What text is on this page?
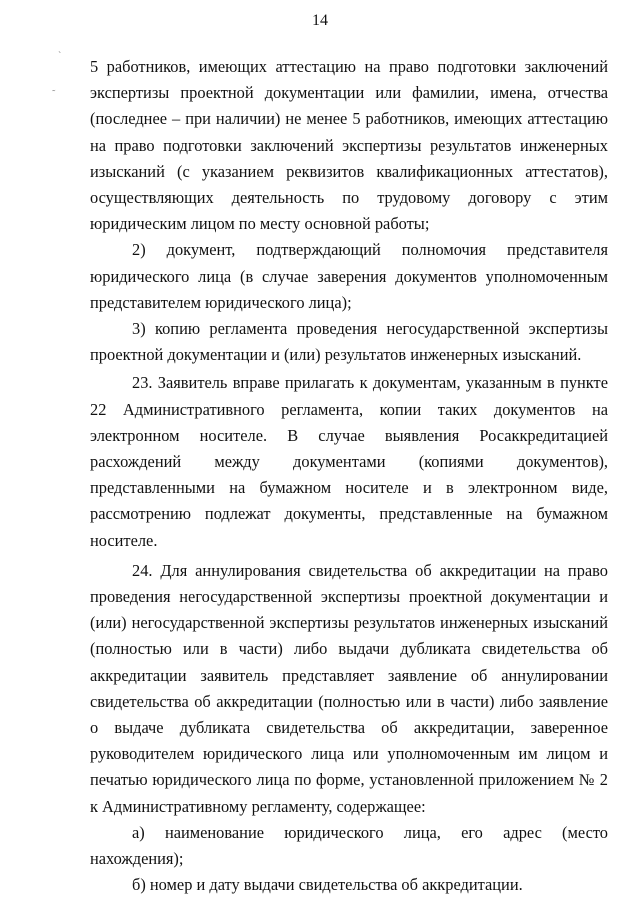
14
ˋ
˜

5 работников, имеющих аттестацию на право подготовки заключений экспертизы проектной документации или фамилии, имена, отчества (последнее – при наличии) не менее 5 работников, имеющих аттестацию на право подготовки заключений экспертизы результатов инженерных изысканий (с указанием реквизитов квалификационных аттестатов), осуществляющих деятельность по трудовому договору с этим юридическим лицом по месту основной работы;

2) документ, подтверждающий полномочия представителя юридического лица (в случае заверения документов уполномоченным представителем юридического лица);

3) копию регламента проведения негосударственной экспертизы проектной документации и (или) результатов инженерных изысканий.

23. Заявитель вправе прилагать к документам, указанным в пункте 22 Административного регламента, копии таких документов на электронном носителе. В случае выявления Росаккредитацией расхождений между документами (копиями документов), представленными на бумажном носителе и в электронном виде, рассмотрению подлежат документы, представленные на бумажном носителе.

24. Для аннулирования свидетельства об аккредитации на право проведения негосударственной экспертизы проектной документации и (или) негосударственной экспертизы результатов инженерных изысканий (полностью или в части) либо выдачи дубликата свидетельства об аккредитации заявитель представляет заявление об аннулировании свидетельства об аккредитации (полностью или в части) либо заявление о выдаче дубликата свидетельства об аккредитации, заверенное руководителем юридического лица или уполномоченным им лицом и печатью юридического лица по форме, установленной приложением № 2 к Административному регламенту, содержащее:

а) наименование юридического лица, его адрес (место нахождения);

б) номер и дату выдачи свидетельства об аккредитации.
